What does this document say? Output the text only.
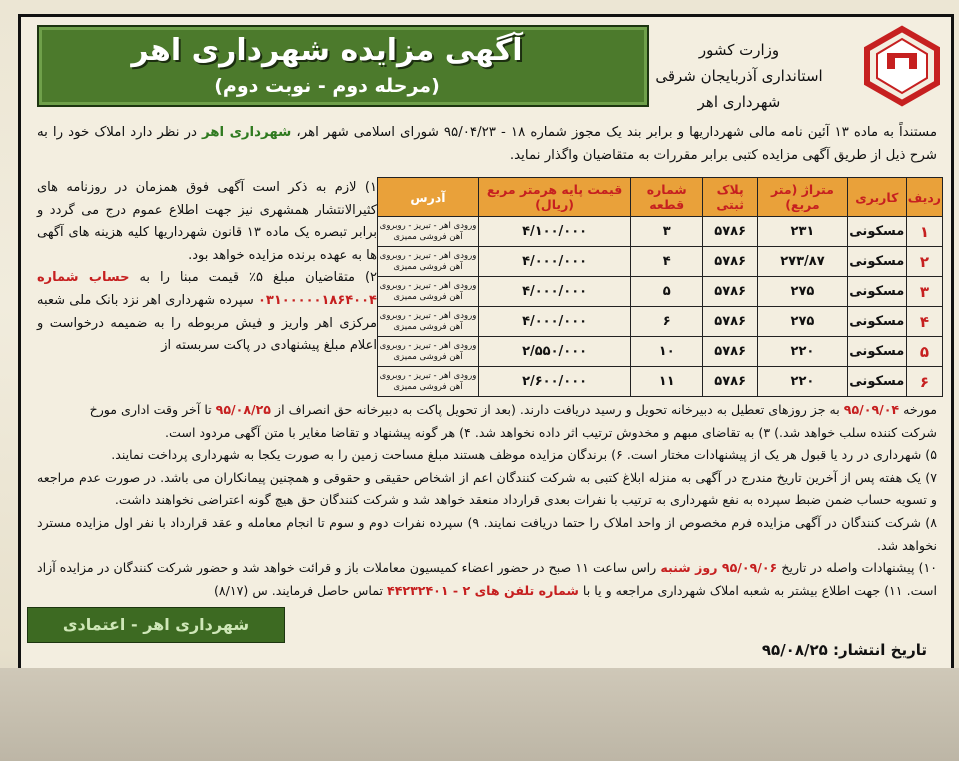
آگهی مزایده شهرداری اهر
(مرحله دوم - نوبت دوم)
وزارت کشور
استانداری آذربایجان شرقی
شهرداری اهر
مستنداً به ماده ۱۳ آئین نامه مالی شهرداریها و برابر بند یک مجوز شماره ۱۸ - ۹۵/۰۴/۲۳ شورای اسلامی شهر اهر، شهرداری اهر در نظر دارد املاک خود را به شرح ذیل از طریق آگهی مزایده کتبی برابر مقررات به متقاضیان واگذار نماید.
ردیف	کاربری	متراژ (متر مربع)	پلاک ثبتی	شماره قطعه	قیمت پایه هرمتر مربع (ریال)	آدرس
۱	مسکونی	۲۳۱	۵۷۸۶	۳	۴/۱۰۰/۰۰۰	ورودی اهر - تبریز - روبروی آهن فروشی ممیزی
۲	مسکونی	۲۷۳/۸۷	۵۷۸۶	۴	۴/۰۰۰/۰۰۰	ورودی اهر - تبریز - روبروی آهن فروشی ممیزی
۳	مسکونی	۲۷۵	۵۷۸۶	۵	۴/۰۰۰/۰۰۰	ورودی اهر - تبریز - روبروی آهن فروشی ممیزی
۴	مسکونی	۲۷۵	۵۷۸۶	۶	۴/۰۰۰/۰۰۰	ورودی اهر - تبریز - روبروی آهن فروشی ممیزی
۵	مسکونی	۲۲۰	۵۷۸۶	۱۰	۲/۵۵۰/۰۰۰	ورودی اهر - تبریز - روبروی آهن فروشی ممیزی
۶	مسکونی	۲۲۰	۵۷۸۶	۱۱	۲/۶۰۰/۰۰۰	ورودی اهر - تبریز - روبروی آهن فروشی ممیزی
۱) لازم به ذکر است آگهی فوق همزمان در روزنامه های کثیرالانتشار همشهری نیز جهت اطلاع عموم درج می گردد و برابر تبصره یک ماده ۱۳ قانون شهرداریها کلیه هزینه های آگهی ها به عهده برنده مزایده خواهد بود.
۲) متقاضیان مبلغ ۵٪ قیمت مبنا را به حساب شماره ۰۳۱۰۰۰۰۰۱۸۶۴۰۰۴ سپرده شهرداری اهر نزد بانک ملی شعبه مرکزی اهر واریز و فیش مربوطه را به ضمیمه درخواست و اعلام مبلغ پیشنهادی در پاکت سربسته از
مورخه ۹۵/۰۹/۰۴ به جز روزهای تعطیل به دبیرخانه تحویل و رسید دریافت دارند. (بعد از تحویل پاکت به دبیرخانه حق انصراف از ۹۵/۰۸/۲۵ تا آخر وقت اداری مورخ
شرکت کننده سلب خواهد شد.) ۳) به تقاضای مبهم و مخدوش ترتیب اثر داده نخواهد شد. ۴) هر گونه پیشنهاد و تقاضا مغایر با متن آگهی مردود است.
۵) شهرداری در رد یا قبول هر یک از پیشنهادات مختار است. ۶) برندگان مزایده موظف هستند مبلغ مساحت زمین را به صورت یکجا به شهرداری پرداخت نمایند.
۷) یک هفته پس از آخرین تاریخ مندرج در آگهی به منزله ابلاغ کتبی به شرکت کنندگان اعم از اشخاص حقیقی و حقوقی و همچنین پیمانکاران می باشد. در صورت عدم مراجعه و تسویه حساب ضمن ضبط سپرده به نفع شهرداری به ترتیب با نفرات بعدی قرارداد منعقد خواهد شد و شرکت کنندگان حق هیچ گونه اعتراضی نخواهند داشت.
۸) شرکت کنندگان در آگهی مزایده فرم مخصوص از واحد املاک را حتما دریافت نمایند. ۹) سپرده نفرات دوم و سوم تا انجام معامله و عقد قرارداد با نفر اول مزایده مسترد نخواهد شد.
۱۰) پیشنهادات واصله در تاریخ ۹۵/۰۹/۰۶ روز شنبه راس ساعت ۱۱ صبح در حضور اعضاء کمیسیون معاملات باز و قرائت خواهد شد و حضور شرکت کنندگان در مزایده آزاد است. ۱۱) جهت اطلاع بیشتر به شعبه املاک شهرداری مراجعه و یا با شماره تلفن های ۲ - ۴۴۲۳۲۴۰۱ تماس حاصل فرمایند. س (۸/۱۷)
شهرداری اهر - اعتمادی
تاریخ انتشار: ۹۵/۰۸/۲۵
